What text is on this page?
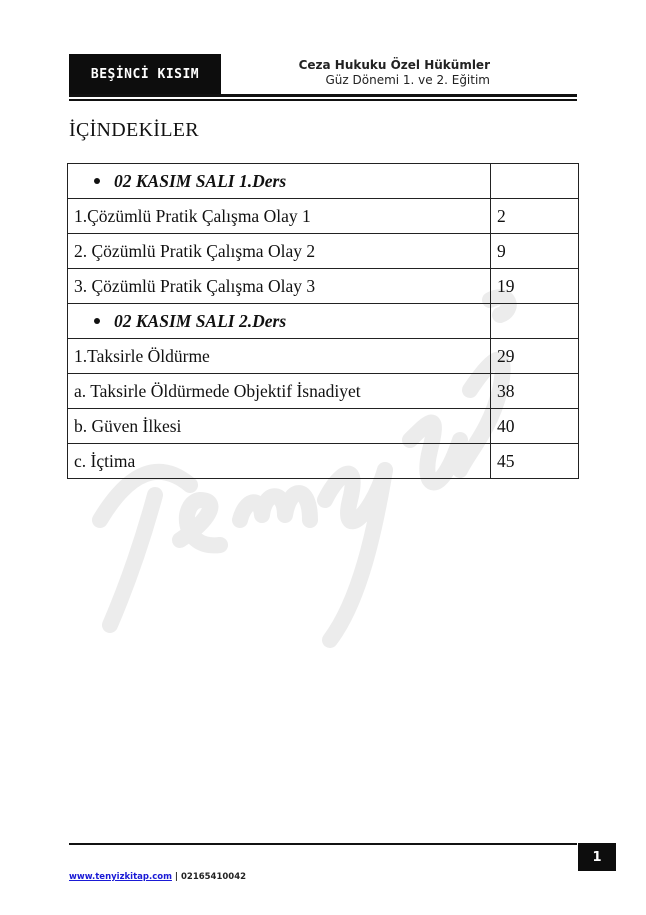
BEŞİNCİ KISIM
Ceza Hukuku Özel Hükümler
Güz Dönemi 1. ve 2. Eğitim
İÇİNDEKİLER
02 KASIM SALI 1.Ders	
1.Çözümlü Pratik Çalışma Olay 1	2
2. Çözümlü Pratik Çalışma Olay 2	9
3. Çözümlü Pratik Çalışma Olay 3	19
02 KASIM SALI 2.Ders	
1.Taksirle Öldürme	29
a. Taksirle Öldürmede Objektif İsnadiyet	38
b. Güven İlkesi	40
c. İçtima	45
1
www.tenyizkitap.com | 02165410042
